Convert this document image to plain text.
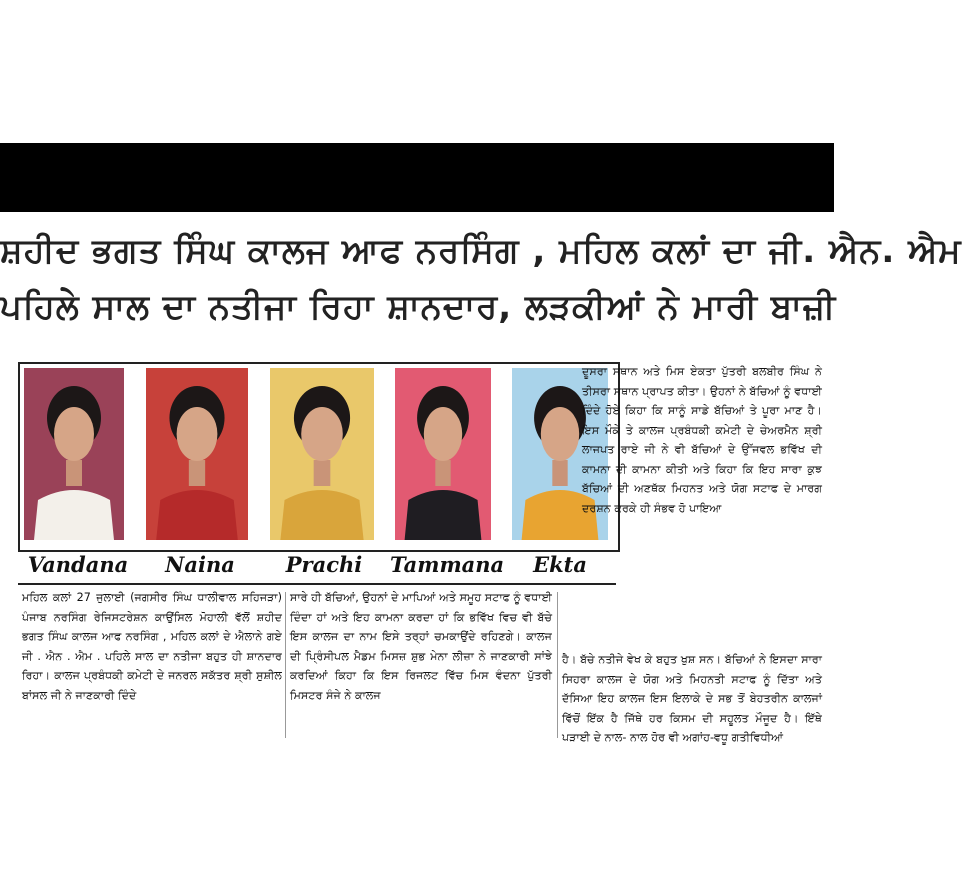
ਸ਼ਹੀਦ ਭਗਤ ਸਿੰਘ ਕਾਲਜ ਆਫ ਨਰਸਿੰਗ , ਮਹਿਲ ਕਲਾਂ ਦਾ ਜੀ. ਐਨ. ਐਮ
ਪਹਿਲੇ ਸਾਲ ਦਾ ਨਤੀਜਾ ਰਿਹਾ ਸ਼ਾਨਦਾਰ, ਲੜਕੀਆਂ ਨੇ ਮਾਰੀ ਬਾਜ਼ੀ
Vandana	Naina	Prachi	Tammana	Ekta
ਮਹਿਲ ਕਲਾਂ 27 ਜੁਲਾਈ (ਜਗਸੀਰ ਸਿੰਘ ਧਾਲੀਵਾਲ ਸਹਿਜੜਾ) ਪੰਜਾਬ ਨਰਸਿੰਗ ਰੇਜਿਸਟਰੇਸ਼ਨ ਕਾਉਂਸਿਲ ਮੋਹਾਲੀ ਵੱਲੋਂ ਸ਼ਹੀਦ ਭਗਤ ਸਿੰਘ ਕਾਲਜ ਆਫ ਨਰਸਿੰਗ , ਮਹਿਲ ਕਲਾਂ ਦੇ ਐਲਾਨੇ ਗਏ ਜੀ . ਐਨ . ਐਮ . ਪਹਿਲੇ ਸਾਲ ਦਾ ਨਤੀਜਾ ਬਹੁਤ ਹੀ ਸ਼ਾਨਦਾਰ ਰਿਹਾ। ਕਾਲਜ ਪ੍ਰਬੰਧਕੀ ਕਮੇਟੀ ਦੇ ਜਨਰਲ ਸਕੱਤਰ ਸ਼੍ਰੀ ਸੁਸ਼ੀਲ ਬਾਂਸਲ ਜੀ ਨੇ ਜਾਣਕਾਰੀ ਦਿੰਦੇ
ਸਾਰੇ ਹੀ ਬੱਚਿਆਂ, ਉਹਨਾਂ ਦੇ ਮਾਪਿਆਂ ਅਤੇ ਸਮੂਹ ਸਟਾਫ ਨੂੰ ਵਧਾਈ ਦਿੰਦਾ ਹਾਂ ਅਤੇ ਇਹ ਕਾਮਨਾ ਕਰਦਾ ਹਾਂ ਕਿ ਭਵਿੱਖ ਵਿਚ ਵੀ ਬੱਚੇ ਇਸ ਕਾਲਜ ਦਾ ਨਾਮ ਇਸੇ ਤਰ੍ਹਾਂ ਚਮਕਾਉਂਦੇ ਰਹਿਣਗੇ। ਕਾਲਜ ਦੀ ਪ੍ਰਿੰਸੀਪਲ ਮੈਡਮ ਮਿਸਜ਼ ਸ਼ੁਭ ਮੇਨਾ ਲੀਜ਼ਾ ਨੇ ਜਾਣਕਾਰੀ ਸਾਂਝੇ ਕਰਦਿਆਂ ਕਿਹਾ ਕਿ ਇਸ ਰਿਜਲਟ ਵਿੱਚ ਮਿਸ ਵੰਦਨਾ ਪੁੱਤਰੀ ਮਿਸਟਰ ਸੰਜੇ ਨੇ ਕਾਲਜ
ਦੂਸਰਾ ਸਥਾਨ ਅਤੇ ਮਿਸ ਏਕਤਾ ਪੁੱਤਰੀ ਬਲਬੀਰ ਸਿੰਘ ਨੇ ਤੀਸਰਾ ਸਥਾਨ ਪ੍ਰਾਪਤ ਕੀਤਾ। ਉਹਨਾਂ ਨੇ ਬੱਚਿਆਂ ਨੂੰ ਵਧਾਈ ਦਿੰਦੇ ਹੋਏ ਕਿਹਾ ਕਿ ਸਾਨੂੰ ਸਾਡੇ ਬੱਚਿਆਂ ਤੇ ਪੂਰਾ ਮਾਣ ਹੈ। ਇਸ ਮੌਕੇ ਤੇ ਕਾਲਜ ਪ੍ਰਬੰਧਕੀ ਕਮੇਟੀ ਦੇ ਚੇਅਰਮੈਨ ਸ਼੍ਰੀ ਲਾਜਪਤ ਰਾਏ ਜੀ ਨੇ ਵੀ ਬੱਚਿਆਂ ਦੇ ਉੱਜਵਲ ਭਵਿੱਖ ਦੀ ਕਾਮਨਾ ਦੀ ਕਾਮਨਾ ਕੀਤੀ ਅਤੇ ਕਿਹਾ ਕਿ ਇਹ ਸਾਰਾ ਕੁਝ ਬੱਚਿਆਂ ਦੀ ਅਣਥੱਕ ਮਿਹਨਤ ਅਤੇ ਯੋਗ ਸਟਾਫ ਦੇ ਮਾਰਗ ਦਰਸ਼ਨ ਕਰਕੇ ਹੀ ਸੰਭਵ ਹੋ ਪਾਇਆ
ਹੈ। ਬੱਚੇ ਨਤੀਜੇ ਵੇਖ ਕੇ ਬਹੁਤ ਖੁਸ਼ ਸਨ। ਬੱਚਿਆਂ ਨੇ ਇਸਦਾ ਸਾਰਾ ਸਿਹਰਾ ਕਾਲਜ ਦੇ ਯੋਗ ਅਤੇ ਮਿਹਨਤੀ ਸਟਾਫ ਨੂੰ ਦਿੱਤਾ ਅਤੇ ਦੱਸਿਆ ਇਹ ਕਾਲਜ ਇਸ ਇਲਾਕੇ ਦੇ ਸਭ ਤੋਂ ਬੇਹਤਰੀਨ ਕਾਲਜਾਂ ਵਿੱਚੋਂ ਇੱਕ ਹੈ ਜਿੱਥੇ ਹਰ ਕਿਸਮ ਦੀ ਸਹੂਲਤ ਮੌਜੂਦ ਹੈ। ਇੱਥੇ ਪੜਾਈ ਦੇ ਨਾਲ- ਨਾਲ ਹੋਰ ਵੀ ਅਗਾਂਹ-ਵਧੂ ਗਤੀਵਿਧੀਆਂ
